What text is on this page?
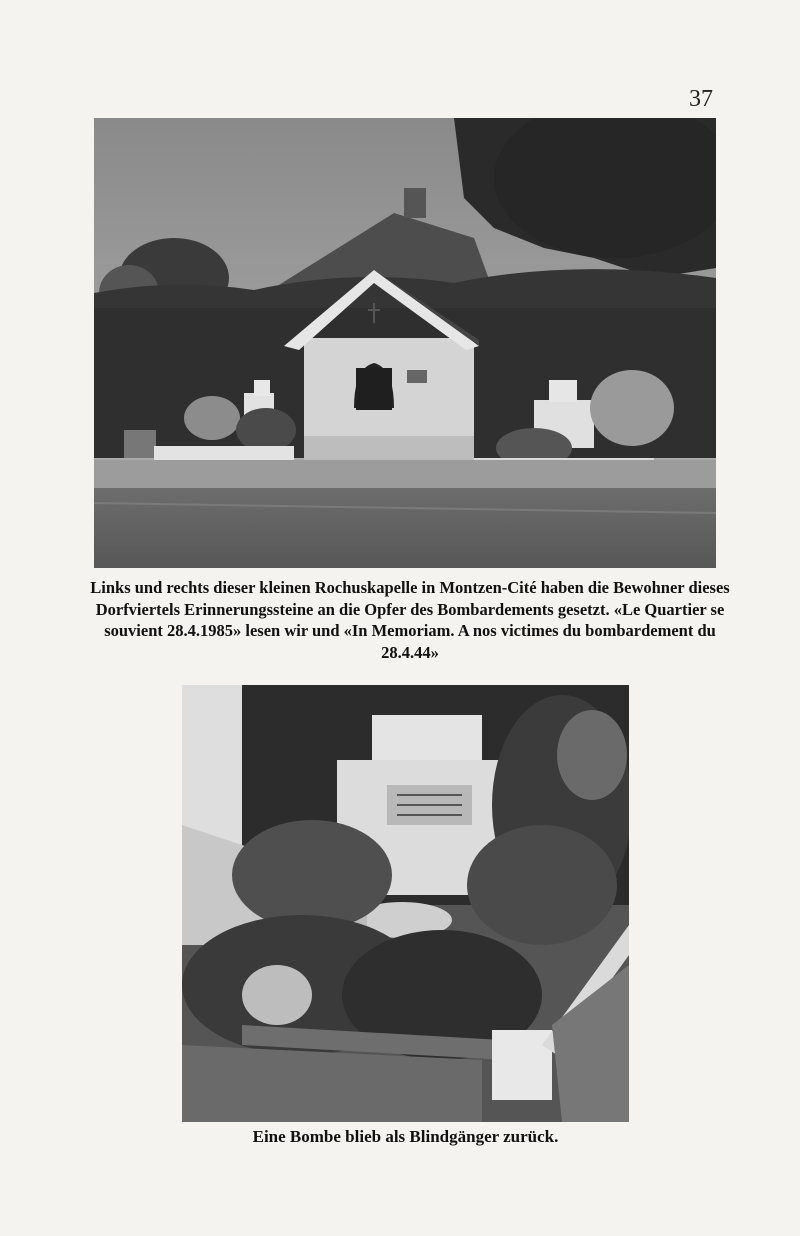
37
Links und rechts dieser kleinen Rochuskapelle in Montzen-Cité haben die Bewohner dieses Dorfviertels Erinnerungssteine an die Opfer des Bombardements gesetzt. «Le Quartier se souvient 28.4.1985» lesen wir und «In Memoriam. A nos victimes du bombardement du 28.4.44»
Eine Bombe blieb als Blindgänger zurück.
